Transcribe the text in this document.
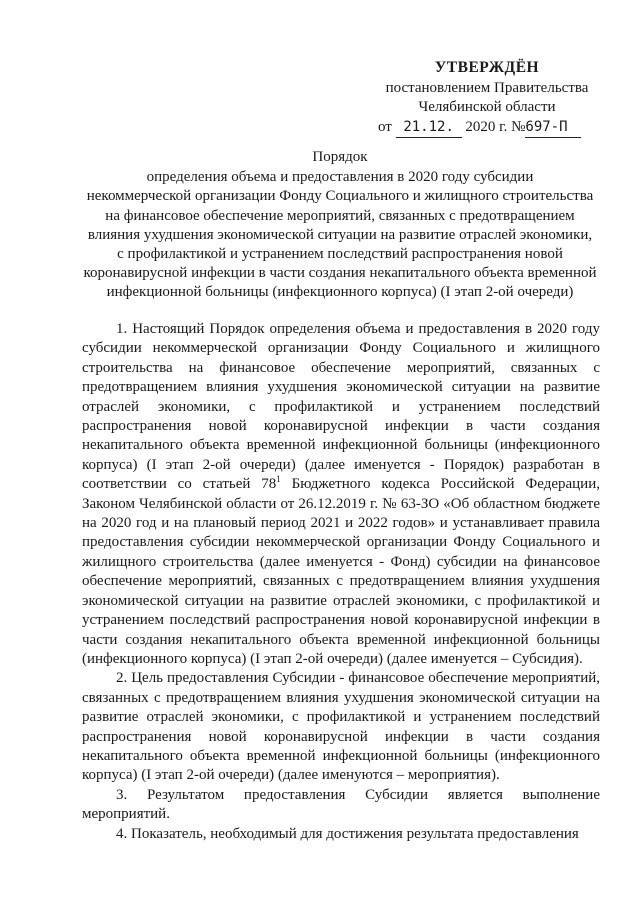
УТВЕРЖДЁН
постановлением Правительства
Челябинской области
от 21.12. 2020 г. №697-П
Порядок
определения объема и предоставления в 2020 году субсидии
некоммерческой организации Фонду Социального и жилищного строительства
на финансовое обеспечение мероприятий, связанных с предотвращением
влияния ухудшения экономической ситуации на развитие отраслей экономики,
с профилактикой и устранением последствий распространения новой
коронавирусной инфекции в части создания некапитального объекта временной
инфекционной больницы (инфекционного корпуса) (I этап 2-ой очереди)

1. Настоящий Порядок определения объема и предоставления в 2020 году субсидии некоммерческой организации Фонду Социального и жилищного строительства на финансовое обеспечение мероприятий, связанных с предотвращением влияния ухудшения экономической ситуации на развитие отраслей экономики, с профилактикой и устранением последствий распространения новой коронавирусной инфекции в части создания некапитального объекта временной инфекционной больницы (инфекционного корпуса) (I этап 2-ой очереди) (далее именуется - Порядок) разработан в соответствии со статьей $78^1$ Бюджетного кодекса Российской Федерации, Законом Челябинской области от 26.12.2019 г. № 63-ЗО «Об областном бюджете на 2020 год и на плановый период 2021 и 2022 годов» и устанавливает правила предоставления субсидии некоммерческой организации Фонду Социального и жилищного строительства (далее именуется - Фонд) субсидии на финансовое обеспечение мероприятий, связанных с предотвращением влияния ухудшения экономической ситуации на развитие отраслей экономики, с профилактикой и устранением последствий распространения новой коронавирусной инфекции в части создания некапитального объекта временной инфекционной больницы (инфекционного корпуса) (I этап 2-ой очереди) (далее именуется – Субсидия).

2. Цель предоставления Субсидии - финансовое обеспечение мероприятий, связанных с предотвращением влияния ухудшения экономической ситуации на развитие отраслей экономики, с профилактикой и устранением последствий распространения новой коронавирусной инфекции в части создания некапитального объекта временной инфекционной больницы (инфекционного корпуса) (I этап 2-ой очереди) (далее именуются – мероприятия).

3. Результатом предоставления Субсидии является выполнение мероприятий.

4. Показатель, необходимый для достижения результата предоставления
